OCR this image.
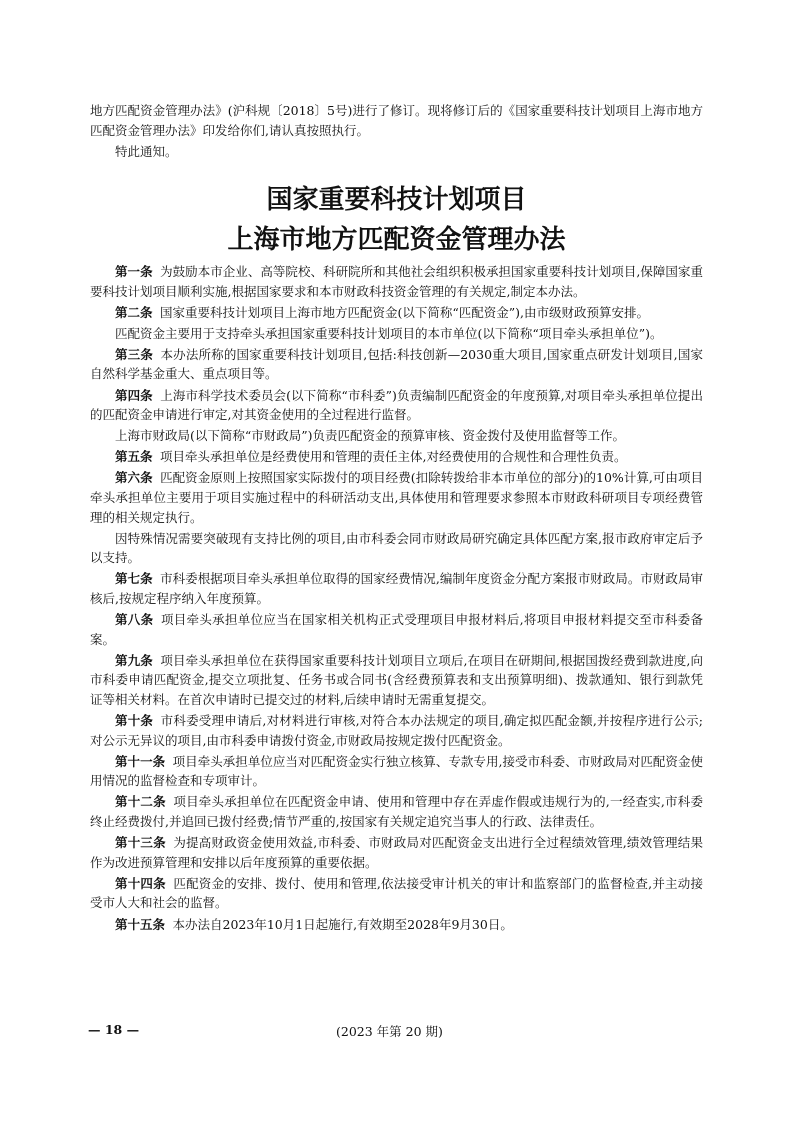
地方匹配资金管理办法》(沪科规〔2018〕5号)进行了修订。现将修订后的《国家重要科技计划项目上海市地方匹配资金管理办法》印发给你们,请认真按照执行。

特此通知。

国家重要科技计划项目
上海市地方匹配资金管理办法

第一条 为鼓励本市企业、高等院校、科研院所和其他社会组织积极承担国家重要科技计划项目,保障国家重要科技计划项目顺利实施,根据国家要求和本市财政科技资金管理的有关规定,制定本办法。

第二条 国家重要科技计划项目上海市地方匹配资金(以下简称“匹配资金”),由市级财政预算安排。

匹配资金主要用于支持牵头承担国家重要科技计划项目的本市单位(以下简称“项目牵头承担单位”)。

第三条 本办法所称的国家重要科技计划项目,包括:科技创新—2030重大项目,国家重点研发计划项目,国家自然科学基金重大、重点项目等。

第四条 上海市科学技术委员会(以下简称“市科委”)负责编制匹配资金的年度预算,对项目牵头承担单位提出的匹配资金申请进行审定,对其资金使用的全过程进行监督。

上海市财政局(以下简称“市财政局”)负责匹配资金的预算审核、资金拨付及使用监督等工作。

第五条 项目牵头承担单位是经费使用和管理的责任主体,对经费使用的合规性和合理性负责。

第六条 匹配资金原则上按照国家实际拨付的项目经费(扣除转拨给非本市单位的部分)的10%计算,可由项目牵头承担单位主要用于项目实施过程中的科研活动支出,具体使用和管理要求参照本市财政科研项目专项经费管理的相关规定执行。

因特殊情况需要突破现有支持比例的项目,由市科委会同市财政局研究确定具体匹配方案,报市政府审定后予以支持。

第七条 市科委根据项目牵头承担单位取得的国家经费情况,编制年度资金分配方案报市财政局。市财政局审核后,按规定程序纳入年度预算。

第八条 项目牵头承担单位应当在国家相关机构正式受理项目申报材料后,将项目申报材料提交至市科委备案。

第九条 项目牵头承担单位在获得国家重要科技计划项目立项后,在项目在研期间,根据国拨经费到款进度,向市科委申请匹配资金,提交立项批复、任务书或合同书(含经费预算表和支出预算明细)、拨款通知、银行到款凭证等相关材料。在首次申请时已提交过的材料,后续申请时无需重复提交。

第十条 市科委受理申请后,对材料进行审核,对符合本办法规定的项目,确定拟匹配金额,并按程序进行公示;对公示无异议的项目,由市科委申请拨付资金,市财政局按规定拨付匹配资金。

第十一条 项目牵头承担单位应当对匹配资金实行独立核算、专款专用,接受市科委、市财政局对匹配资金使用情况的监督检查和专项审计。

第十二条 项目牵头承担单位在匹配资金申请、使用和管理中存在弄虚作假或违规行为的,一经查实,市科委终止经费拨付,并追回已拨付经费;情节严重的,按国家有关规定追究当事人的行政、法律责任。

第十三条 为提高财政资金使用效益,市科委、市财政局对匹配资金支出进行全过程绩效管理,绩效管理结果作为改进预算管理和安排以后年度预算的重要依据。

第十四条 匹配资金的安排、拨付、使用和管理,依法接受审计机关的审计和监察部门的监督检查,并主动接受市人大和社会的监督。

第十五条 本办法自2023年10月1日起施行,有效期至2028年9月30日。

— 18 —	(2023 年第 20 期)
